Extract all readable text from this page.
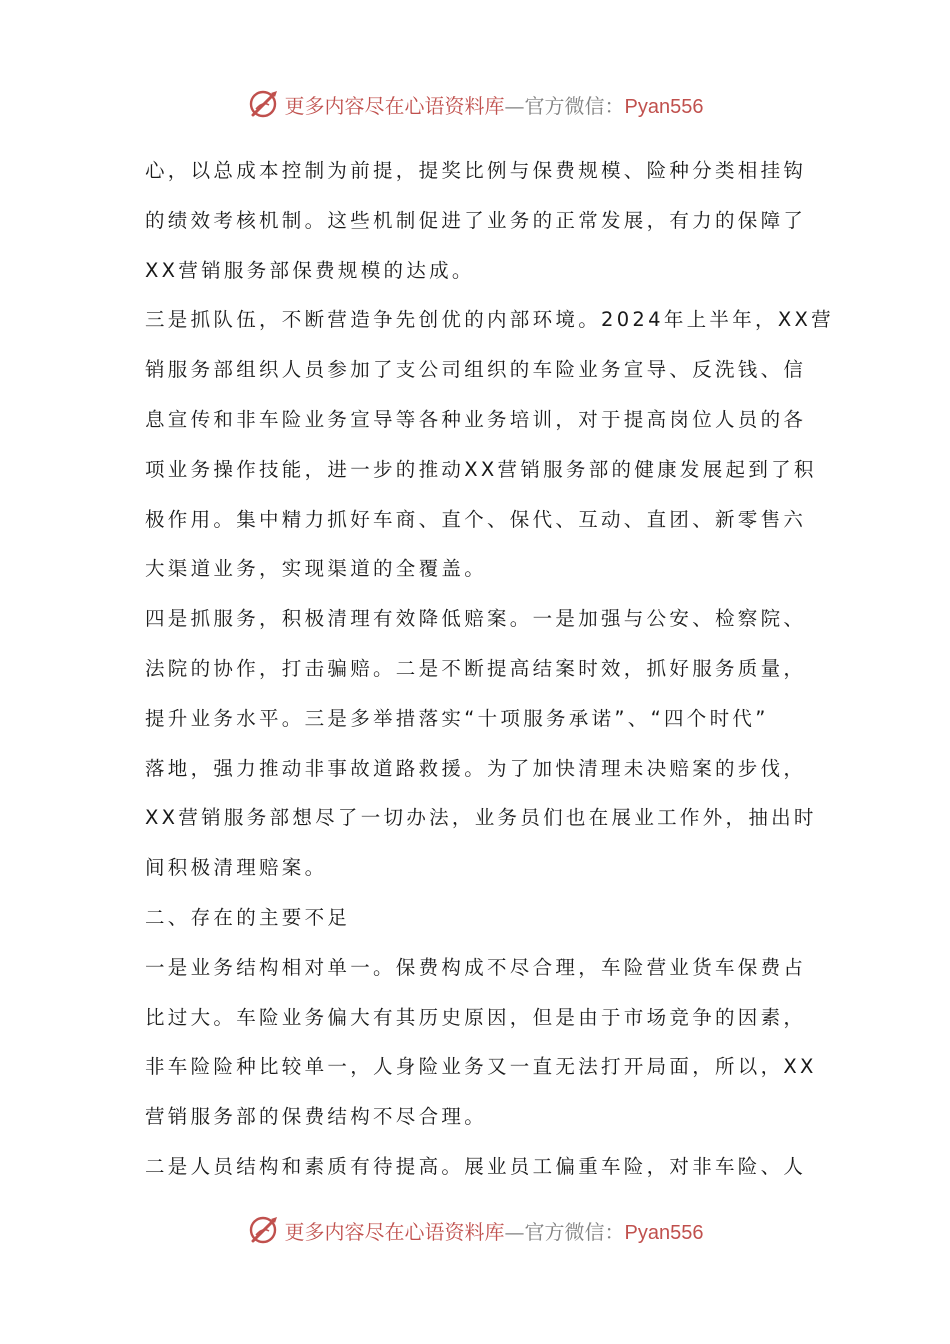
更多内容尽在心语资料库—官方微信：Pyan556
心，以总成本控制为前提，提奖比例与保费规模、险种分类相挂钩
的绩效考核机制。这些机制促进了业务的正常发展，有力的保障了
XX营销服务部保费规模的达成。
三是抓队伍，不断营造争先创优的内部环境。2024年上半年，XX营
销服务部组织人员参加了支公司组织的车险业务宣导、反洗钱、信
息宣传和非车险业务宣导等各种业务培训，对于提高岗位人员的各
项业务操作技能，进一步的推动XX营销服务部的健康发展起到了积
极作用。集中精力抓好车商、直个、保代、互动、直团、新零售六
大渠道业务，实现渠道的全覆盖。
四是抓服务，积极清理有效降低赔案。一是加强与公安、检察院、
法院的协作，打击骗赔。二是不断提高结案时效，抓好服务质量，
提升业务水平。三是多举措落实“十项服务承诺”、“四个时代”
落地，强力推动非事故道路救援。为了加快清理未决赔案的步伐，
XX营销服务部想尽了一切办法，业务员们也在展业工作外，抽出时
间积极清理赔案。
二、存在的主要不足
一是业务结构相对单一。保费构成不尽合理，车险营业货车保费占
比过大。车险业务偏大有其历史原因，但是由于市场竞争的因素，
非车险险种比较单一，人身险业务又一直无法打开局面，所以，XX
营销服务部的保费结构不尽合理。
二是人员结构和素质有待提高。展业员工偏重车险，对非车险、人
更多内容尽在心语资料库—官方微信：Pyan556
